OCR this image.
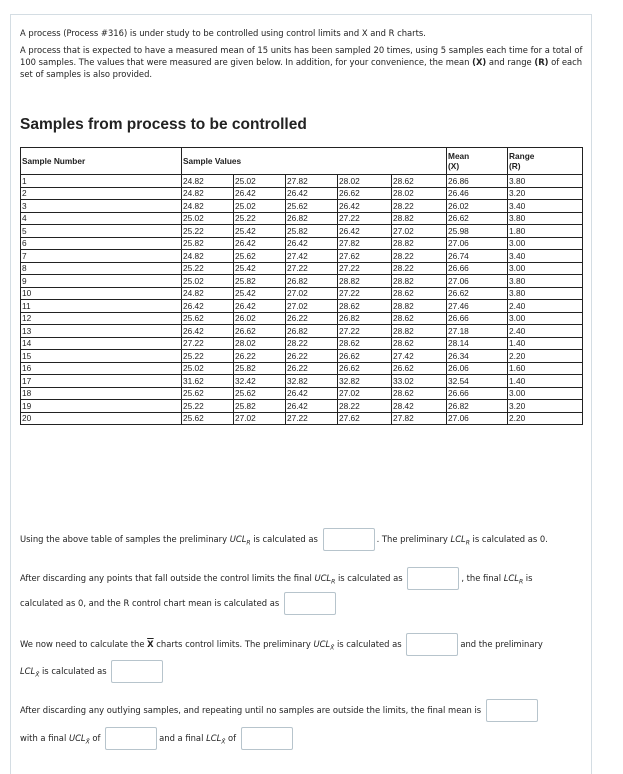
A process (Process #316) is under study to be controlled using control limits and X and R charts.
A process that is expected to have a measured mean of 15 units has been sampled 20 times, using 5 samples each time for a total of 100 samples. The values that were measured are given below. In addition, for your convenience, the mean (X) and range (R) of each set of samples is also provided.
Samples from process to be controlled
Sample Number	Sample Values					Mean
(X)	Range
(R)
1	24.82	25.02	27.82	28.02	28.62	26.86	3.80
2	24.82	26.42	26.42	26.62	28.02	26.46	3.20
3	24.82	25.02	25.62	26.42	28.22	26.02	3.40
4	25.02	25.22	26.82	27.22	28.82	26.62	3.80
5	25.22	25.42	25.82	26.42	27.02	25.98	1.80
6	25.82	26.42	26.42	27.82	28.82	27.06	3.00
7	24.82	25.62	27.42	27.62	28.22	26.74	3.40
8	25.22	25.42	27.22	27.22	28.22	26.66	3.00
9	25.02	25.82	26.82	28.82	28.82	27.06	3.80
10	24.82	25.42	27.02	27.22	28.62	26.62	3.80
11	26.42	26.42	27.02	28.62	28.82	27.46	2.40
12	25.62	26.02	26.22	26.82	28.62	26.66	3.00
13	26.42	26.62	26.82	27.22	28.82	27.18	2.40
14	27.22	28.02	28.22	28.62	28.62	28.14	1.40
15	25.22	26.22	26.22	26.62	27.42	26.34	2.20
16	25.02	25.82	26.22	26.62	26.62	26.06	1.60
17	31.62	32.42	32.82	32.82	33.02	32.54	1.40
18	25.62	25.62	26.42	27.02	28.62	26.66	3.00
19	25.22	25.82	26.42	28.22	28.42	26.82	3.20
20	25.62	27.02	27.22	27.62	27.82	27.06	2.20
Using the above table of samples the preliminary $UCL_R$ is calculated as	. The preliminary $LCL_R$ is calculated as 0.
After discarding any points that fall outside the control limits the final $UCL_R$ is calculated as	, the final $LCL_R$ is
calculated as 0, and the R control chart mean is calculated as
We now need to calculate the $\overline{X}$ charts control limits. The preliminary $UCL_{X̄}$ is calculated as	and the preliminary
$LCL_{X̄}$ is calculated as
After discarding any outlying samples, and repeating until no samples are outside the limits, the final mean is
with a final $UCL_{X̄}$ of	and a final $LCL_{X̄}$ of
